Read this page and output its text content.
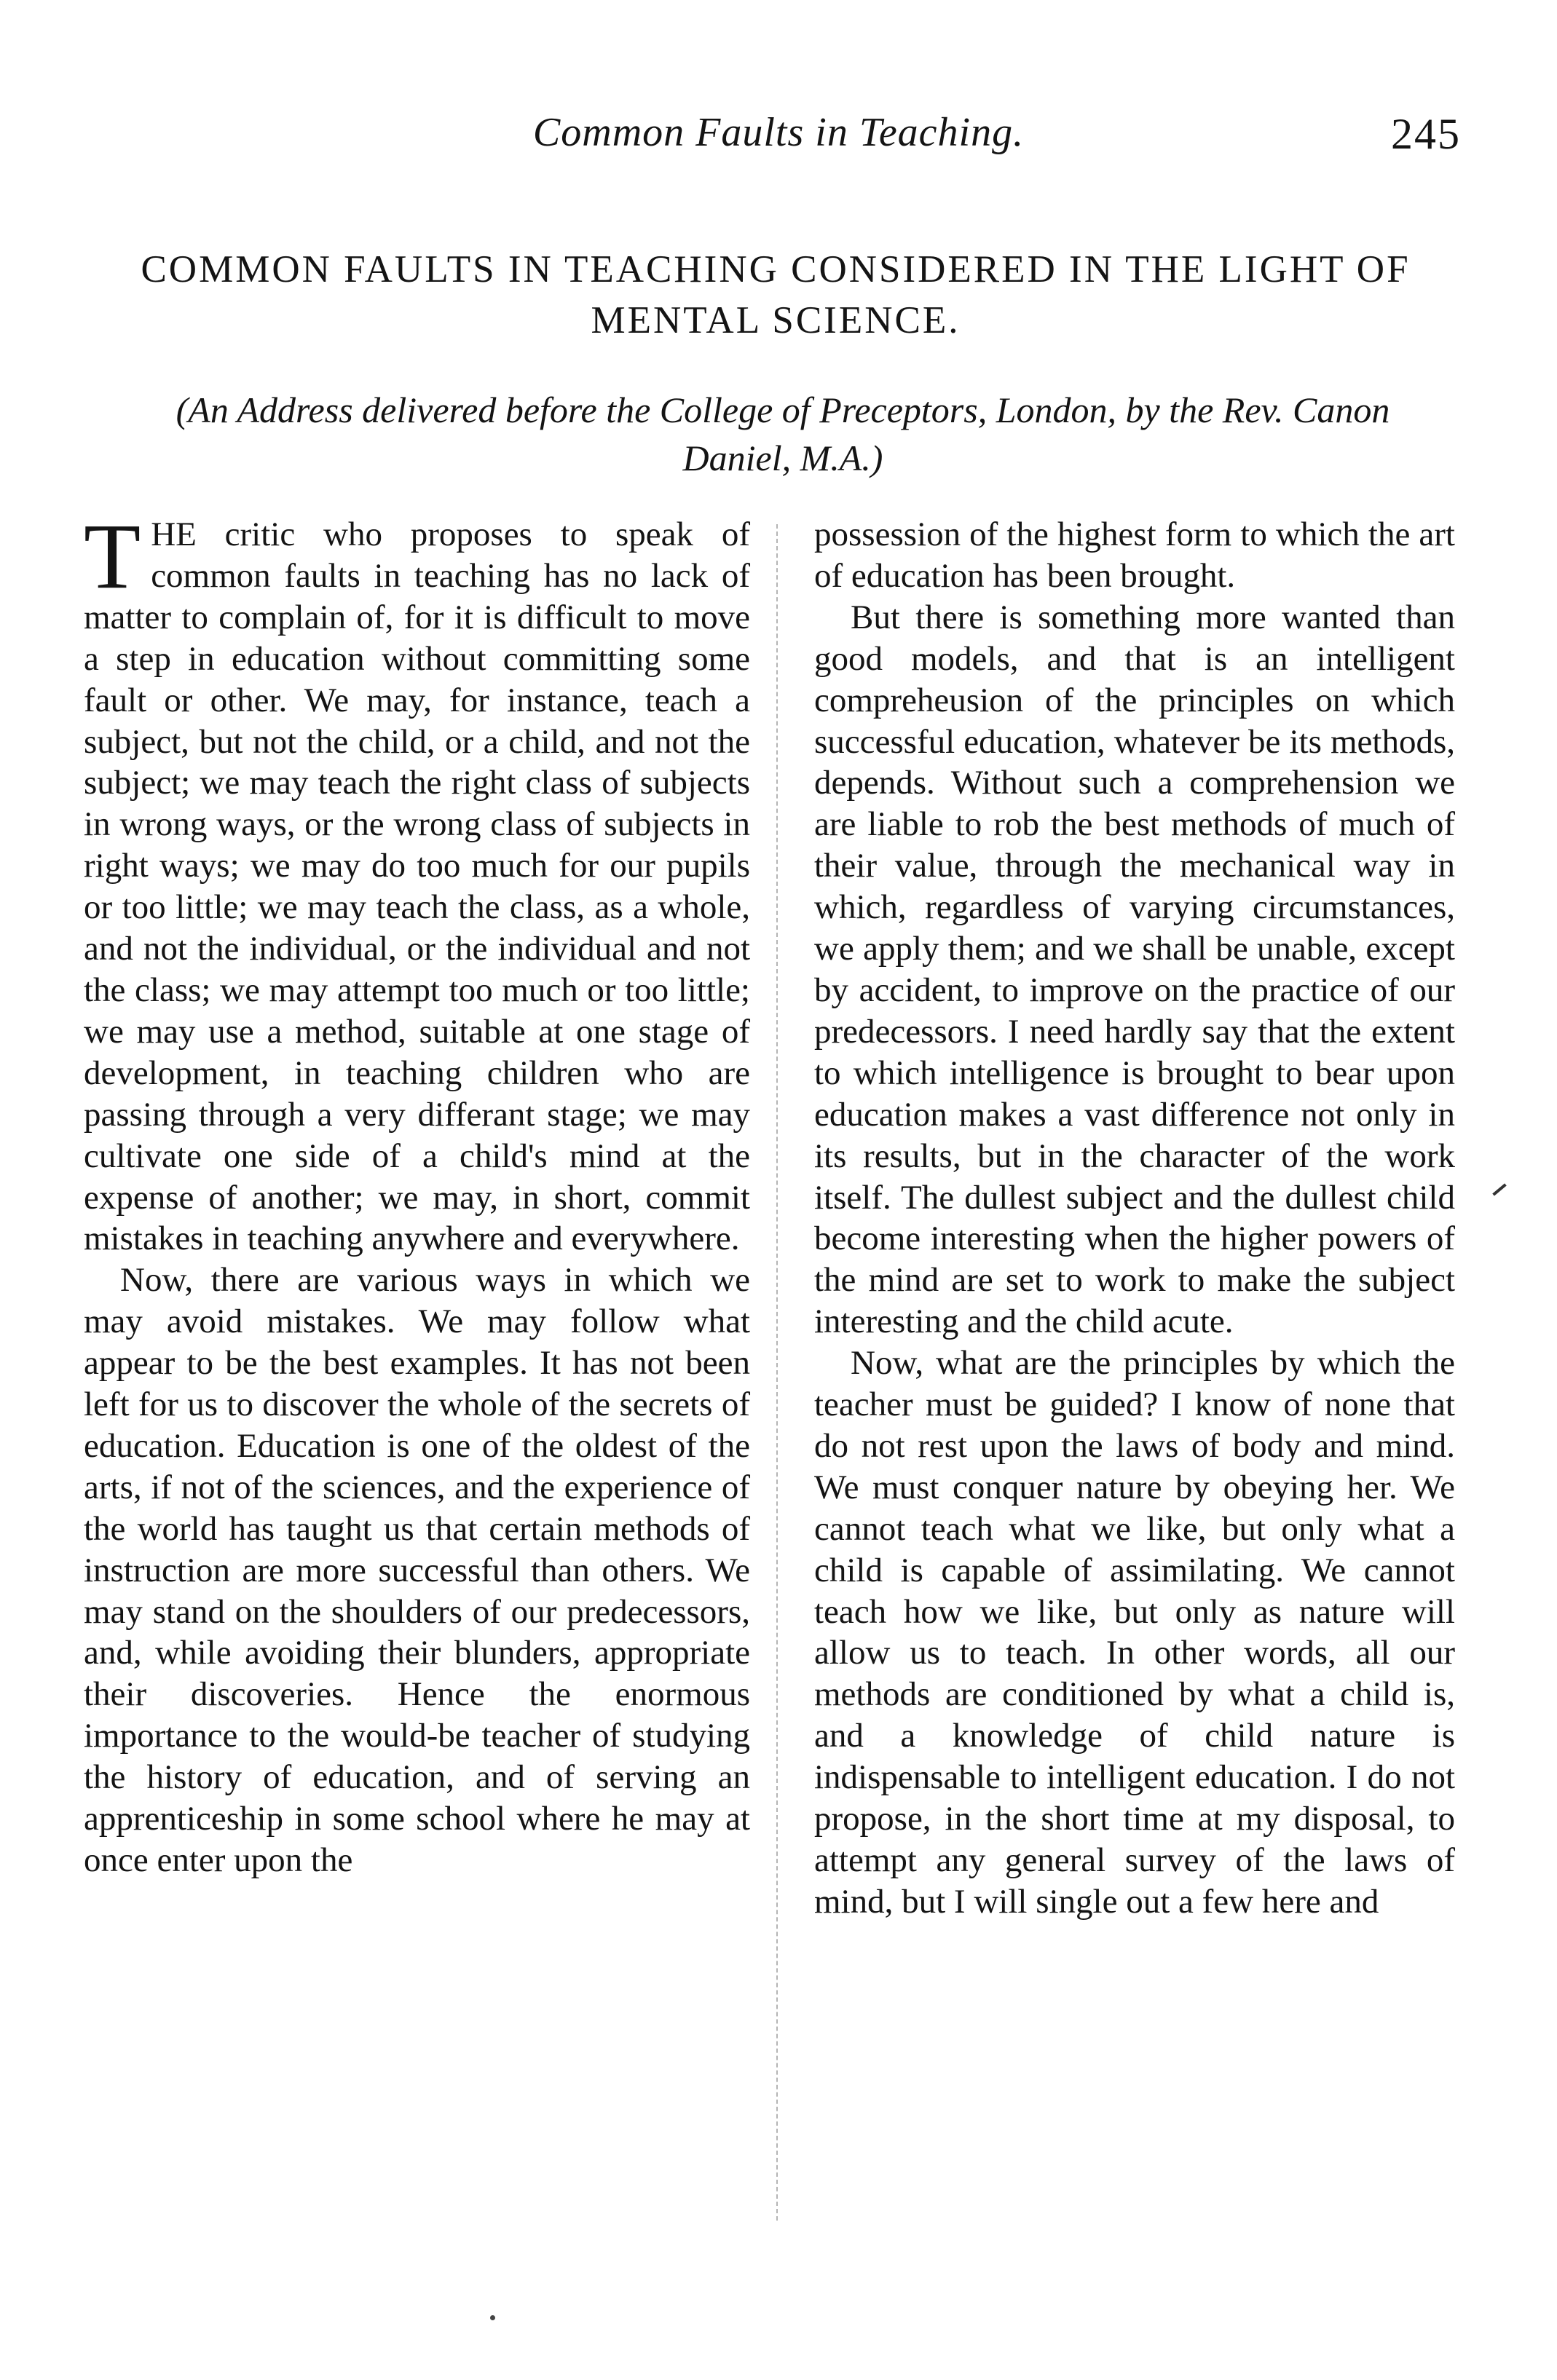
Common Faults in Teaching.	245
COMMON FAULTS IN TEACHING CONSIDERED IN THE LIGHT OF MENTAL SCIENCE.
(An Address delivered before the College of Preceptors, London, by the Rev. Canon Daniel, M.A.)
T HE critic who proposes to speak of common faults in teaching has no lack of matter to complain of, for it is difficult to move a step in education without committing some fault or other. We may, for instance, teach a subject, but not the child, or a child, and not the subject; we may teach the right class of subjects in wrong ways, or the wrong class of subjects in right ways; we may do too much for our pupils or too little; we may teach the class, as a whole, and not the individual, or the individual and not the class; we may attempt too much or too little; we may use a method, suitable at one stage of development, in teaching children who are passing through a very differant stage; we may cultivate one side of a child's mind at the expense of another; we may, in short, commit mistakes in teaching anywhere and everywhere.

Now, there are various ways in which we may avoid mistakes. We may follow what appear to be the best examples. It has not been left for us to discover the whole of the secrets of education. Education is one of the oldest of the arts, if not of the sciences, and the experience of the world has taught us that certain methods of instruction are more successful than others. We may stand on the shoulders of our predecessors, and, while avoiding their blunders, appropriate their discoveries. Hence the enormous importance to the would-be teacher of studying the history of education, and of serving an apprenticeship in some school where he may at once enter upon the

possession of the highest form to which the art of education has been brought.

But there is something more wanted than good models, and that is an intelligent compreheusion of the principles on which successful education, whatever be its methods, depends. Without such a comprehension we are liable to rob the best methods of much of their value, through the mechanical way in which, regardless of varying circumstances, we apply them; and we shall be unable, except by accident, to improve on the practice of our predecessors. I need hardly say that the extent to which intelligence is brought to bear upon education makes a vast difference not only in its results, but in the character of the work itself. The dullest subject and the dullest child become interesting when the higher powers of the mind are set to work to make the subject interesting and the child acute.

Now, what are the principles by which the teacher must be guided? I know of none that do not rest upon the laws of body and mind. We must conquer nature by obeying her. We cannot teach what we like, but only what a child is capable of assimilating. We cannot teach how we like, but only as nature will allow us to teach. In other words, all our methods are conditioned by what a child is, and a knowledge of child nature is indispensable to intelligent education. I do not propose, in the short time at my disposal, to attempt any general survey of the laws of mind, but I will single out a few here and
